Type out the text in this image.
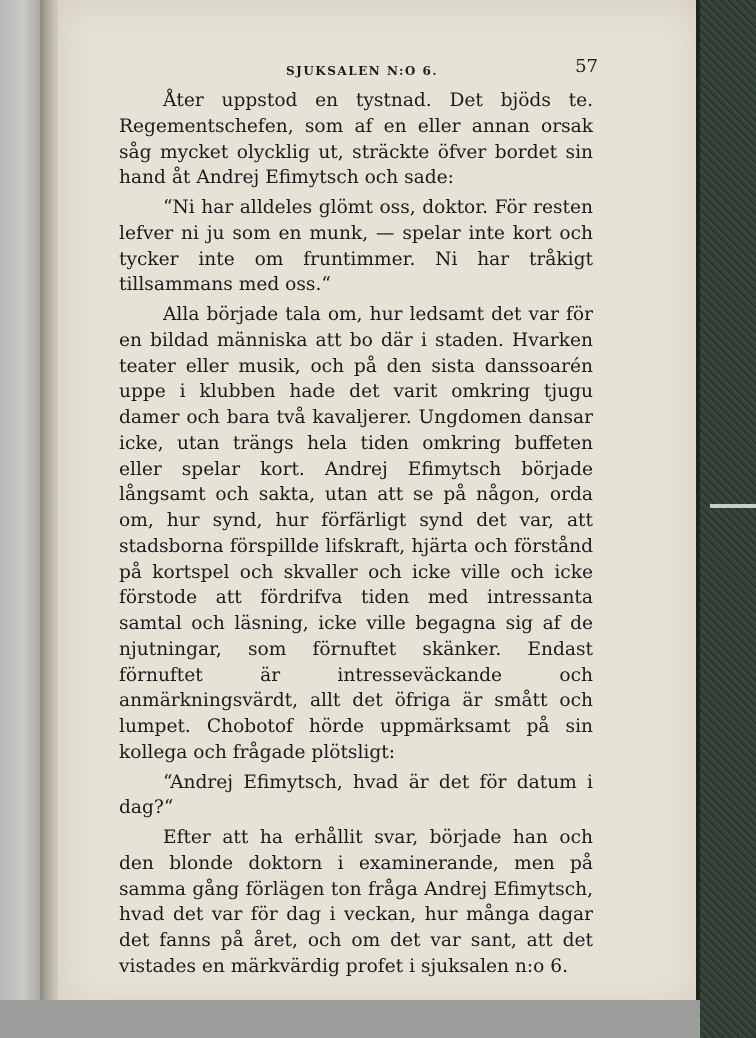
SJUKSALEN N:O 6.	57

Åter uppstod en tystnad. Det bjöds te. Regementschefen, som af en eller annan orsak såg mycket olycklig ut, sträckte öfver bordet sin hand åt Andrej Efimytsch och sade:

“Ni har alldeles glömt oss, doktor. För resten lefver ni ju som en munk, — spelar inte kort och tycker inte om fruntimmer. Ni har tråkigt tillsammans med oss.“

Alla började tala om, hur ledsamt det var för en bildad människa att bo där i staden. Hvarken teater eller musik, och på den sista danssoarén uppe i klubben hade det varit omkring tjugu damer och bara två kavaljerer. Ungdomen dansar icke, utan trängs hela tiden omkring buffeten eller spelar kort. Andrej Efimytsch började långsamt och sakta, utan att se på någon, orda om, hur synd, hur förfärligt synd det var, att stadsborna förspillde lifskraft, hjärta och förstånd på kortspel och skvaller och icke ville och icke förstode att fördrifva tiden med intressanta samtal och läsning, icke ville begagna sig af de njutningar, som förnuftet skänker. Endast förnuftet är intresseväckande och anmärkningsvärdt, allt det öfriga är smått och lumpet. Chobotof hörde uppmärksamt på sin kollega och frågade plötsligt:

“Andrej Efimytsch, hvad är det för datum i dag?“

Efter att ha erhållit svar, började han och den blonde doktorn i examinerande, men på samma gång förlägen ton fråga Andrej Efimytsch, hvad det var för dag i veckan, hur många dagar det fanns på året, och om det var sant, att det vistades en märkvärdig profet i sjuksalen n:o 6.
